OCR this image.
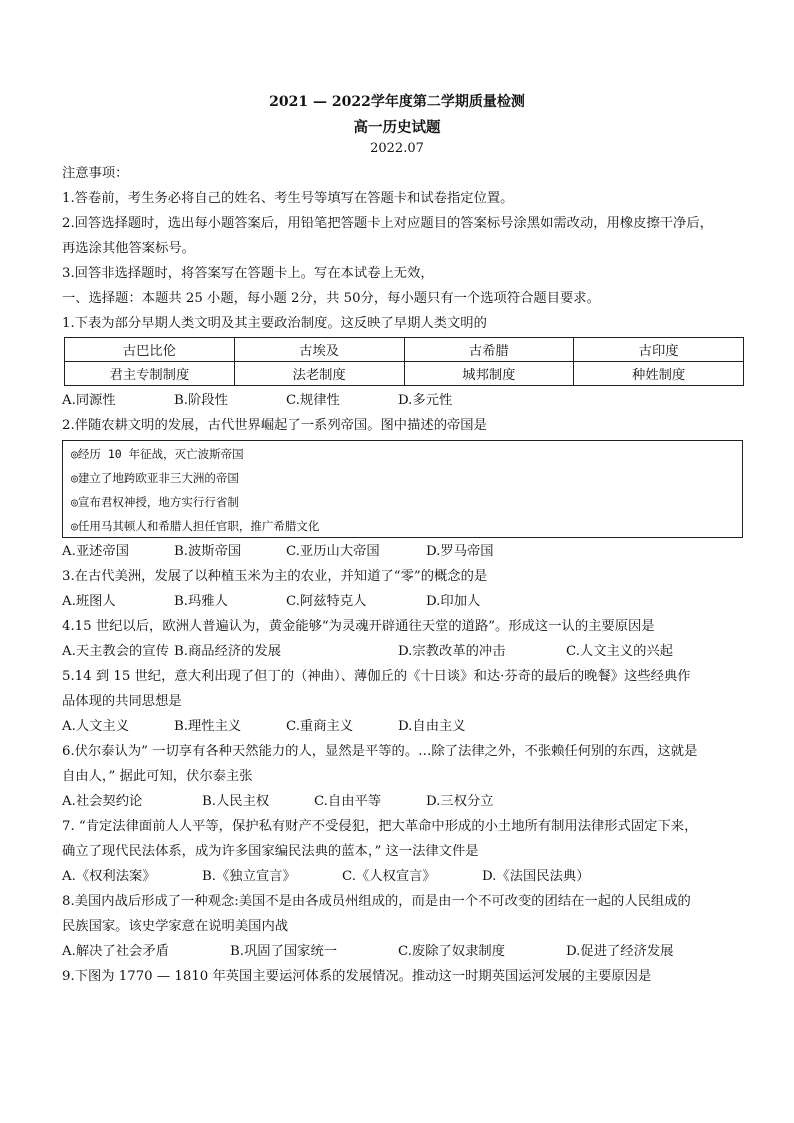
2021 — 2022学年度第二学期质量检测
高一历史试题
2022.07
注意事项：
1.答卷前，考生务必将自己的姓名、考生号等填写在答题卡和试卷指定位置。
2.回答选择题时，选出每小题答案后，用铅笔把答题卡上对应题目的答案标号涂黑如需改动，用橡皮擦干净后，
再选涂其他答案标号。
3.回答非选择题时，将答案写在答题卡上。写在本试卷上无效，
一、选择题：本题共 25 小题，每小题 2分，共 50分，每小题只有一个选项符合题目要求。
1.下表为部分早期人类文明及其主要政治制度。这反映了早期人类文明的
古巴比伦	古埃及	古希腊	古印度
君主专制制度	法老制度	城邦制度	种姓制度
A.同源性	B.阶段性	C.规律性	D.多元性
2.伴随农耕文明的发展，古代世界崛起了一系列帝国。图中描述的帝国是
◎经历 10 年征战，灭亡波斯帝国
◎建立了地跨欧亚非三大洲的帝国
◎宣布君权神授，地方实行行省制
◎任用马其顿人和希腊人担任官职，推广希腊文化
A.亚述帝国	B.波斯帝国	C.亚历山大帝国	D.罗马帝国
3.在古代美洲，发展了以种植玉米为主的农业，并知道了“零”的概念的是
A.班图人	B.玛雅人	C.阿兹特克人	D.印加人
4.15 世纪以后，欧洲人普遍认为，黄金能够“为灵魂开辟通往天堂的道路”。形成这一认的主要原因是
A.天主教会的宣传 B.商品经济的发展	D.宗教改革的冲击	C.人文主义的兴起
5.14 到 15 世纪，意大利出现了但丁的（神曲）、薄伽丘的《十日谈》和达·芬奇的最后的晚餐》这些经典作
品体现的共同思想是
A.人文主义	B.理性主义	C.重商主义	D.自由主义
6.伏尔泰认为” 一切享有各种天然能力的人，显然是平等的。…除了法律之外，不张赖任何别的东西，这就是
自由人，” 据此可知，伏尔泰主张
A.社会契约论	B.人民主权	C.自由平等	D.三权分立
7. “肯定法律面前人人平等，保护私有财产不受侵犯，把大革命中形成的小土地所有制用法律形式固定下来，
确立了现代民法体系，成为许多国家编民法典的蓝本，” 这一法律文件是
A.《权利法案》	B.《独立宣言》	C.《人权宣言》	D.《法国民法典）
8.美国内战后形成了一种观念:美国不是由各成员州组成的，而是由一个不可改变的团结在一起的人民组成的
民族国家。该史学家意在说明美国内战
A.解决了社会矛盾	B.巩固了国家统一	C.废除了奴隶制度	D.促进了经济发展
9.下图为 1770 — 1810 年英国主要运河体系的发展情况。推动这一时期英国运河发展的主要原因是
